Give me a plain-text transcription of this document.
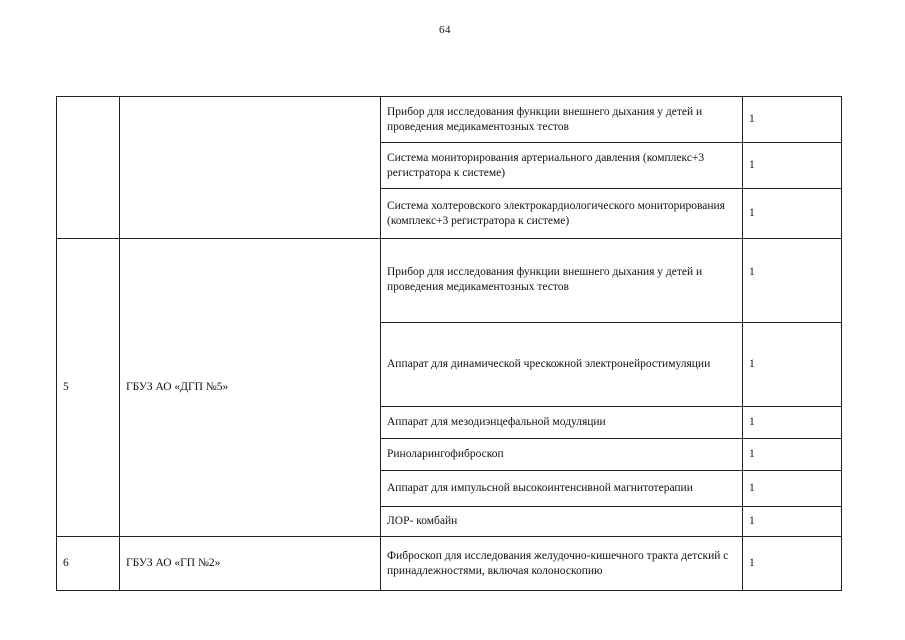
64
		Прибор для исследования функции внешнего дыхания у детей и проведения медикаментозных тестов	1
		Система мониторирования артериального давления (комплекс+3 регистратора к системе)	1
		Система холтеровского электрокардиологического мониторирования (комплекс+3 регистратора к системе)	1
5	ГБУЗ АО «ДГП №5»	Прибор для исследования функции внешнего дыхания у детей и проведения медикаментозных тестов	1
		Аппарат для динамической чрескожной электронейростимуляции	1
		Аппарат для мезодиэнцефальной модуляции	1
		Риноларингофиброскоп	1
		Аппарат для импульсной высокоинтенсивной магнитотерапии	1
		ЛОР- комбайн	1
6	ГБУЗ АО «ГП №2»	Фиброскоп для исследования желудочно-кишечного тракта детский с принадлежностями, включая колоноскопию	1
